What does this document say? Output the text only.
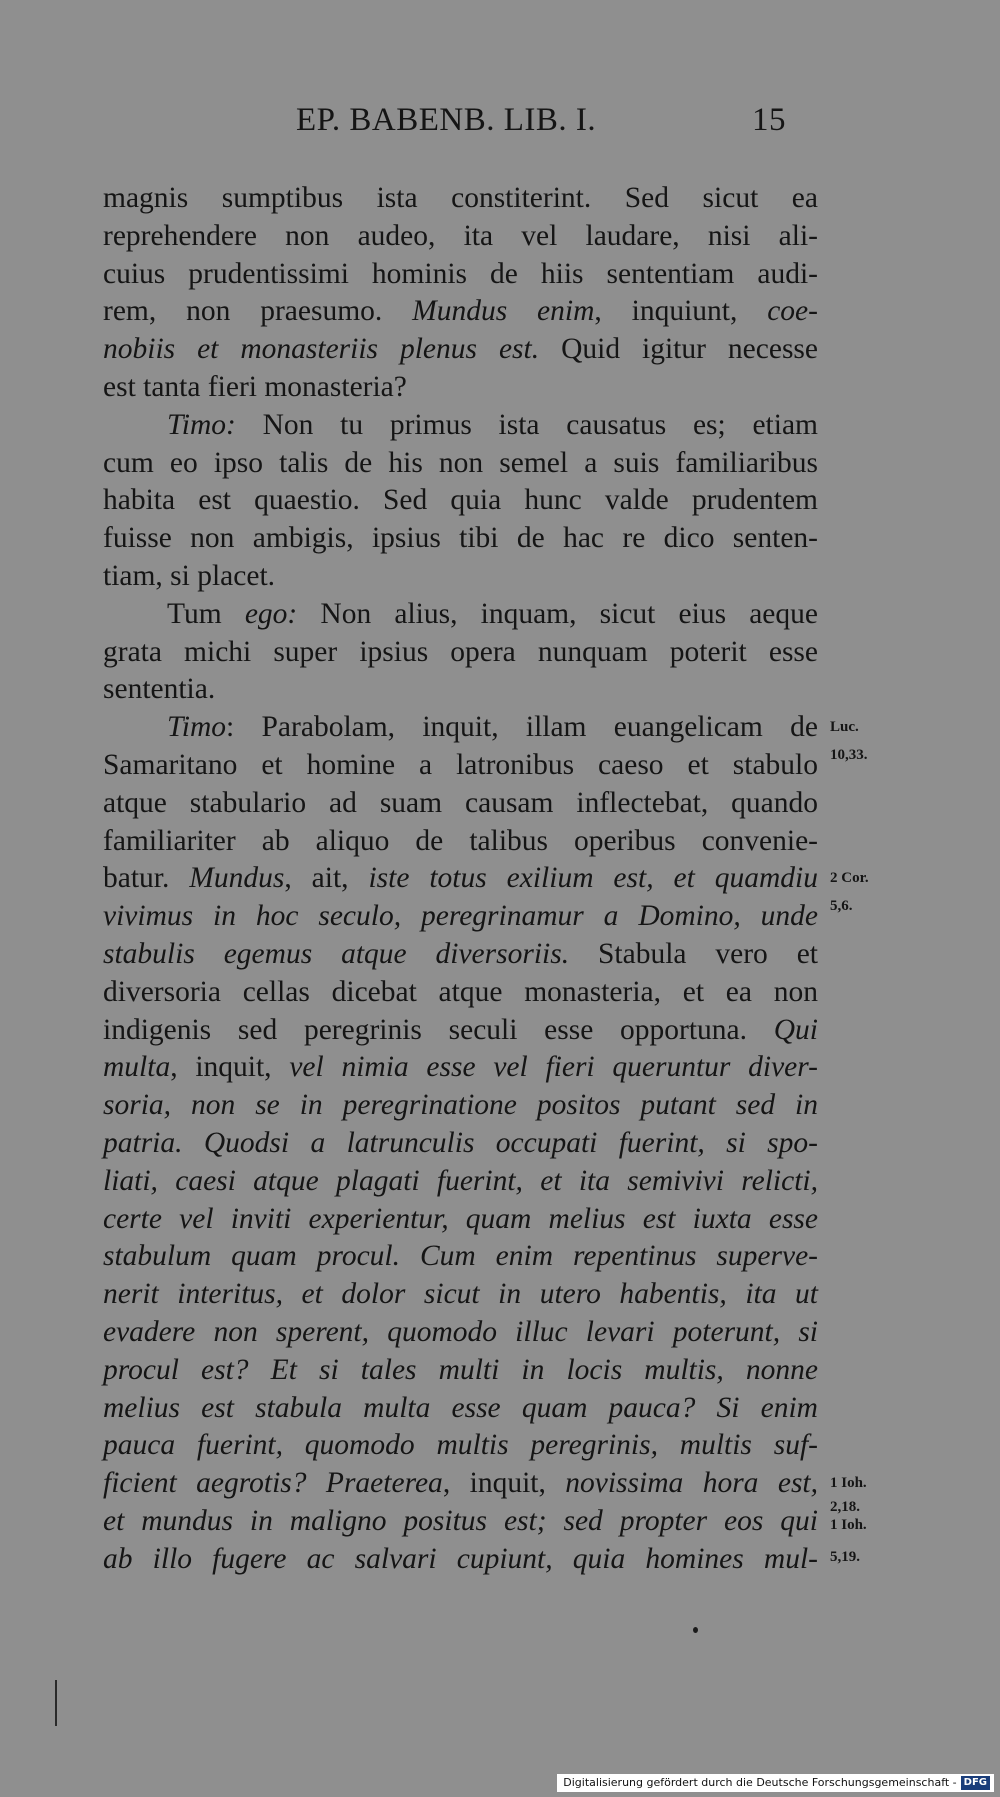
EP. BABENB. LIB. I.	15
magnis sumptibus ista constiterint. Sed sicut ea
reprehendere non audeo, ita vel laudare, nisi ali-
cuius prudentissimi hominis de hiis sententiam audi-
rem, non praesumo. Mundus enim, inquiunt, coe-
nobiis et monasteriis plenus est. Quid igitur necesse
est tanta fieri monasteria?
Timo: Non tu primus ista causatus es; etiam
cum eo ipso talis de his non semel a suis familiaribus
habita est quaestio. Sed quia hunc valde prudentem
fuisse non ambigis, ipsius tibi de hac re dico senten-
tiam, si placet.
Tum ego: Non alius, inquam, sicut eius aeque
grata michi super ipsius opera nunquam poterit esse
sententia.
Timo: Parabolam, inquit, illam euangelicam de
Samaritano et homine a latronibus caeso et stabulo
atque stabulario ad suam causam inflectebat, quando
familiariter ab aliquo de talibus operibus convenie-
batur. Mundus, ait, iste totus exilium est, et quamdiu
vivimus in hoc seculo, peregrinamur a Domino, unde
stabulis egemus atque diversoriis. Stabula vero et
diversoria cellas dicebat atque monasteria, et ea non
indigenis sed peregrinis seculi esse opportuna. Qui
multa, inquit, vel nimia esse vel fieri queruntur diver-
soria, non se in peregrinatione positos putant sed in
patria. Quodsi a latrunculis occupati fuerint, si spo-
liati, caesi atque plagati fuerint, et ita semivivi relicti,
certe vel inviti experientur, quam melius est iuxta esse
stabulum quam procul. Cum enim repentinus superve-
nerit interitus, et dolor sicut in utero habentis, ita ut
evadere non sperent, quomodo illuc levari poterunt, si
procul est? Et si tales multi in locis multis, nonne
melius est stabula multa esse quam pauca? Si enim
pauca fuerint, quomodo multis peregrinis, multis suf-
ficient aegrotis? Praeterea, inquit, novissima hora est,
et mundus in maligno positus est; sed propter eos qui
ab illo fugere ac salvari cupiunt, quia homines mul-
Luc.
10,33.
2 Cor.
5,6.
1 Ioh.
2,18.
1 Ioh.
5,19.
Digitalisierung gefördert durch die Deutsche Forschungsgemeinschaft - DFG
